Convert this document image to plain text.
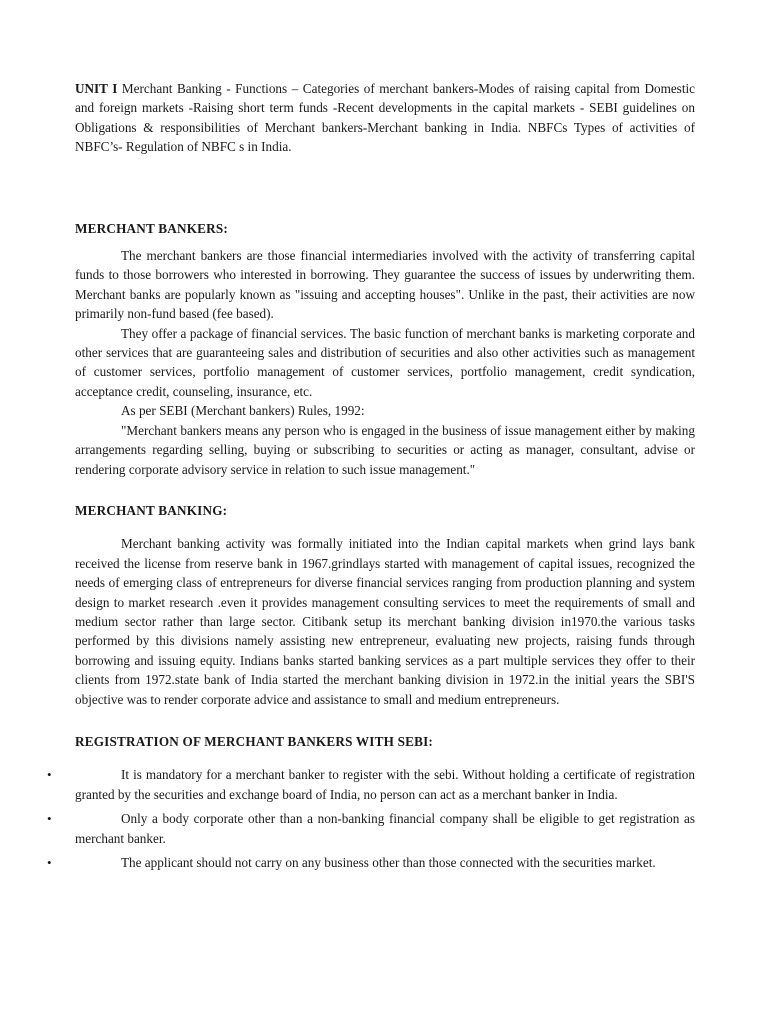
UNIT I Merchant Banking - Functions – Categories of merchant bankers-Modes of raising capital from Domestic and foreign markets -Raising short term funds -Recent developments in the capital markets - SEBI guidelines on Obligations & responsibilities of Merchant bankers-Merchant banking in India. NBFCs Types of activities of NBFC’s- Regulation of NBFC s in India.

MERCHANT BANKERS:

The merchant bankers are those financial intermediaries involved with the activity of transferring capital funds to those borrowers who interested in borrowing. They guarantee the success of issues by underwriting them. Merchant banks are popularly known as "issuing and accepting houses". Unlike in the past, their activities are now primarily non-fund based (fee based).

They offer a package of financial services. The basic function of merchant banks is marketing corporate and other services that are guaranteeing sales and distribution of securities and also other activities such as management of customer services, portfolio management of customer services, portfolio management, credit syndication, acceptance credit, counseling, insurance, etc.

As per SEBI (Merchant bankers) Rules, 1992:

"Merchant bankers means any person who is engaged in the business of issue management either by making arrangements regarding selling, buying or subscribing to securities or acting as manager, consultant, advise or rendering corporate advisory service in relation to such issue management."

MERCHANT BANKING:

Merchant banking activity was formally initiated into the Indian capital markets when grind lays bank received the license from reserve bank in 1967.grindlays started with management of capital issues, recognized the needs of emerging class of entrepreneurs for diverse financial services ranging from production planning and system design to market research .even it provides management consulting services to meet the requirements of small and medium sector rather than large sector. Citibank setup its merchant banking division in1970.the various tasks performed by this divisions namely assisting new entrepreneur, evaluating new projects, raising funds through borrowing and issuing equity. Indians banks started banking services as a part multiple services they offer to their clients from 1972.state bank of India started the merchant banking division in 1972.in the initial years the SBI'S objective was to render corporate advice and assistance to small and medium entrepreneurs.

REGISTRATION OF MERCHANT BANKERS WITH SEBI:
•	It is mandatory for a merchant banker to register with the sebi. Without holding a certificate of registration granted by the securities and exchange board of India, no person can act as a merchant banker in India.

•	Only a body corporate other than a non-banking financial company shall be eligible to get registration as merchant banker.

•	The applicant should not carry on any business other than those connected with the securities market.
